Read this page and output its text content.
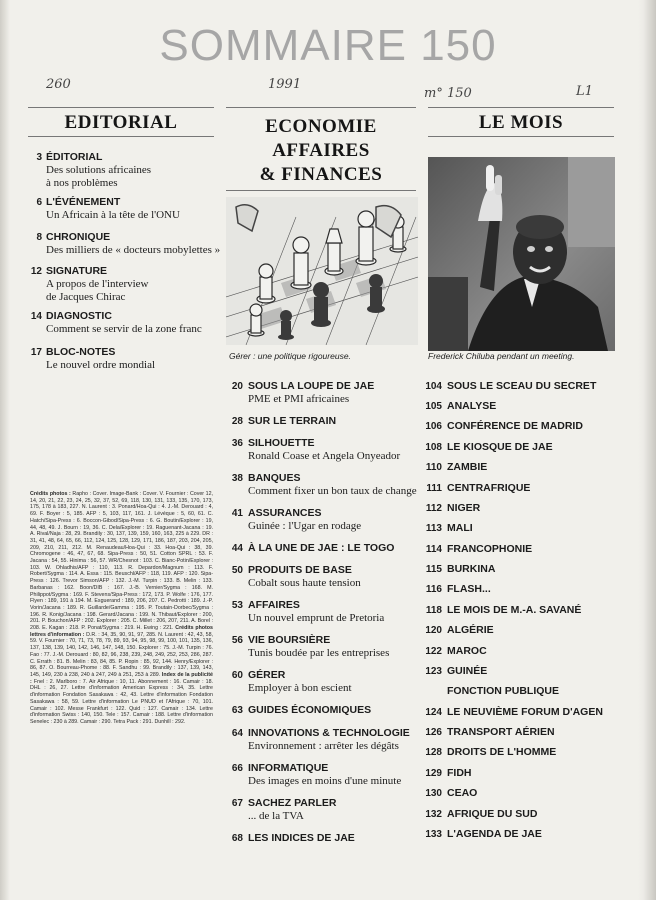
SOMMAIRE 150
260	1991
m° 150	L1
EDITORIAL	ECONOMIE
AFFAIRES
& FINANCES
LE MOIS
3 ÉDITORIAL
Des solutions africaines
à nos problèmes
6 L'ÉVÉNEMENT
Un Africain à la tête de l'ONU
8 CHRONIQUE
Des milliers de « docteurs mobylettes »
12 SIGNATURE
A propos de l'interview
de Jacques Chirac
14 DIAGNOSTIC
Comment se servir de la zone franc
17 BLOC-NOTES
Le nouvel ordre mondial
Crédits photos : Rapho : Cover. Image-Bank : Cover. V. Fournier : Cover 12, 14, 20, 21, 22, 23, 24, 25, 32, 37, 52, 69, 118, 130, 131, 133, 135, 170, 173, 175, 178 à 183, 227. N. Laurent : 3. Ponard/Hoa-Qui : 4. J.-M. Derouard : 4, 69. F. Boyer : 5, 185. AFP : 5, 103, 117, 161. J. Lévéque : 5, 60, 61. C. Hatch/Sipa-Press : 6. Boccon-Gibod/Sipa-Press : 6. G. Boutin/Explorer : 19, 44, 48, 49. J. Bourn : 19, 36. C. Dela/Explorer : 19. Raguenant-Jacana : 19. A. Rival/Naja : 28, 29. Brandily : 30, 137, 139, 159, 160, 163, 225 à 229. DR : 31, 41, 48, 64, 65, 66, 112, 124, 125, 128, 129, 171, 186, 187, 203, 204, 205, 209, 210, 211, 212. M. Renaudeau/Hoa-Qui : 33. Hoa-Qui : 38, 39. Chromogene : 46, 47, 67, 68. Sipa-Press : 50, 51. Cotton SPRL : 53. F. Jacana : 54, 55. Hinima : 56, 57. WR/Chesnot : 103. C. Bianc-Potin/Explorer : 103. W. Ohladhis/AFP : 110, 113. R. Depardon/Magnum : 113. F. Robert/Sygma : 114. A. Essa : 115. Beuschl/AFP : 118, 119. AFP : 120. Sipa-Press : 126. Trevor Simson/AFP : 132. J.-M. Turpin : 133. B. Melin : 133. Barbanas : 162. Boon/DIB : 167. J.-B. Vernier/Sygma : 168. M. Philippot/Sygma : 169. F. Stevens/Sipa-Press : 172, 173. P. Wolfe : 176, 177. Flyen : 189, 191 à 194. M. Esguerand : 189, 206, 207. C. Pedrotti : 189. J.-P. Vorin/Jacana : 189. R. Guillarde/Gamma : 195. P. Toutain-Dorbec/Sygma : 196. R. Konig/Jacana : 198. Gerard/Jacana : 199. N. Thibaut/Explorer : 200, 201. P. Bouchon/AFP : 202. Explorer : 205. C. Millet : 206, 207, 211. A. Borel : 208. E. Kagan : 218. P. Ponat/Sygma : 219. H. Ewing : 221. Crédits photos lettres d'information : D.R. : 34, 35, 90, 91, 97, 285. N. Laurent : 42, 43, 58, 59. V. Fournier : 70, 71, 73, 78, 79, 89, 93, 94, 95, 98, 99, 100, 101, 135, 136, 137, 138, 139, 140, 142, 146, 147, 148, 150. Explorer : 75. J.-M. Turpin : 76. Fao : 77. J.-M. Derouard : 80, 82, 96, 238, 239, 248, 249, 252, 253, 286, 287. C. Errath : 81. B. Melin : 83, 84, 85. P. Ropin : 85, 92, 144. Henry/Explorer : 86, 87. O. Bourreau-Phome : 88. F. Sandhu : 99. Brandily : 137, 139, 143, 145, 149, 230 à 238, 240 à 247, 249 à 251, 253 à 289. Index de la publicité : Fnel : 2. Marlboro : 7. Air Afrique : 10, 11. Abonnement : 16. Camair : 18. DHL : 26, 27. Lettre d'information American Express : 34, 35. Lettre d'information Fondation Sasakawa : 42, 43. Lettre d'information Fondation Sasakawa : 58, 59. Lettre d'information Le PNUD et l'Afrique : 70, 101. Camair : 102. Messe Frankfurt : 122. Quid : 127. Camair : 134. Lettre d'information Swiss : 140, 150. Tele : 157. Camair : 188. Lettre d'information Senelec : 230 à 289. Camair : 290. Tetra Pack : 291. Dunhill : 292.
Gérer : une politique rigoureuse.	Frederick Chiluba pendant un meeting.
20 SOUS LA LOUPE DE JAE
PME et PMI africaines
28 SUR LE TERRAIN
36 SILHOUETTE
Ronald Coase et Angela Onyeador
38 BANQUES
Comment fixer un bon taux de change
41 ASSURANCES
Guinée : l'Ugar en rodage
44 À LA UNE DE JAE : LE TOGO
50 PRODUITS DE BASE
Cobalt sous haute tension
53 AFFAIRES
Un nouvel emprunt de Pretoria
56 VIE BOURSIÈRE
Tunis boudée par les entreprises
60 GÉRER
Employer à bon escient
63 GUIDES ÉCONOMIQUES
64 INNOVATIONS & TECHNOLOGIE
Environnement : arrêter les dégâts
66 INFORMATIQUE
Des images en moins d'une minute
67 SACHEZ PARLER
... de la TVA
68 LES INDICES DE JAE
104 SOUS LE SCEAU DU SECRET
105 ANALYSE
106 CONFÉRENCE DE MADRID
108 LE KIOSQUE DE JAE
110 ZAMBIE
111 CENTRAFRIQUE
112 NIGER
113 MALI
114 FRANCOPHONIE
115 BURKINA
116 FLASH...
118 LE MOIS DE M.-A. SAVANÉ
120 ALGÉRIE
122 MAROC
123 GUINÉE
FONCTION PUBLIQUE
124 LE NEUVIÈME FORUM D'AGEN
126 TRANSPORT AÉRIEN
128 DROITS DE L'HOMME
129 FIDH
130 CEAO
132 AFRIQUE DU SUD
133 L'AGENDA DE JAE
